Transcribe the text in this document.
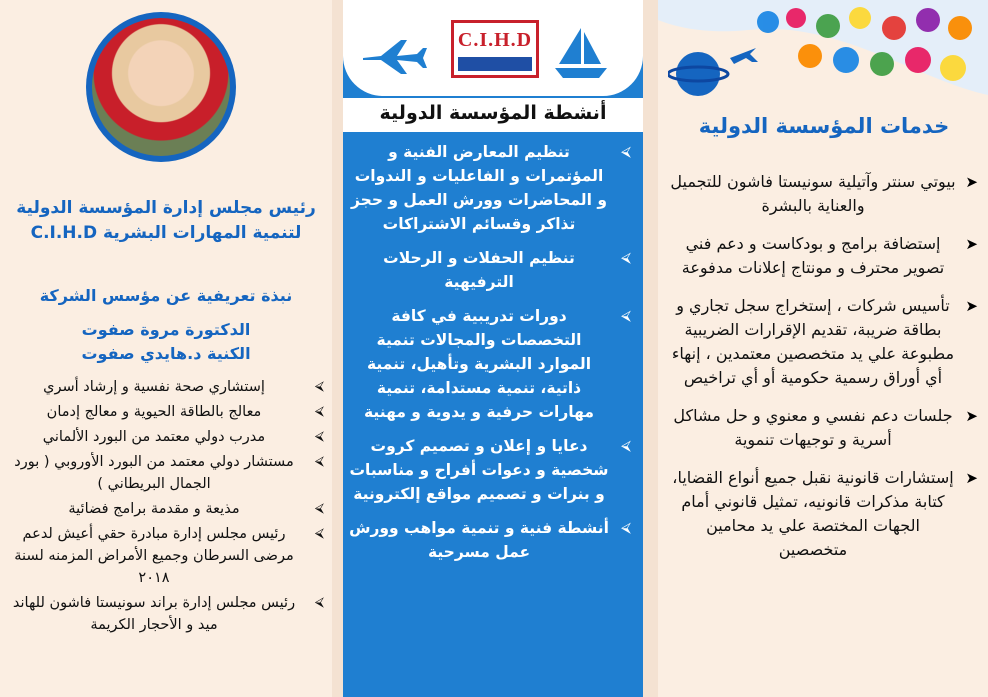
خدمات المؤسسة الدولية
➤
بيوتي سنتر وآتيلية سونيستا فاشون للتجميل والعناية بالبشرة
➤
إستضافة برامج و بودكاست و دعم فني تصوير محترف و مونتاج إعلانات مدفوعة
➤
تأسيس شركات ، إستخراج سجل تجاري و بطاقة ضريبة، تقديم الإقرارات الضريبية مطبوعة علي يد متخصصين معتمدين ، إنهاء أي أوراق رسمية حكومية أو أي تراخيص
➤
جلسات دعم نفسي و معنوي و حل مشاكل أسرية و توجيهات تنموية
➤
إستشارات قانونية نقبل جميع أنواع القضايا، كتابة مذكرات قانونيه، تمثيل قانوني أمام الجهات المختصة علي يد محامين متخصصين
C.I.H.D
أنشطة المؤسسة الدولية
⮘
تنظيم المعارض الفنية و المؤتمرات و الفاعليات و الندوات و المحاضرات وورش العمل و حجز تذاكر وقسائم الاشتراكات
⮘
تنظيم الحفلات و الرحلات الترفيهية
⮘
دورات تدريبية في كافة التخصصات والمجالات تنمية الموارد البشرية وتأهيل، تنمية ذاتية، تنمية مستدامة، تنمية مهارات حرفية و يدوية و مهنية
⮘
دعايا و إعلان و تصميم كروت شخصية و دعوات أفراح و مناسبات و بنرات و تصميم مواقع إلكترونية
⮘
أنشطة فنية و تنمية مواهب وورش عمل مسرحية
رئيس مجلس إدارة المؤسسة الدولية لتنمية المهارات البشرية C.I.H.D
نبذة تعريفية عن مؤسس الشركة
الدكتورة مروة صفوت
الكنية د.هايدي صفوت
⮘
إستشاري صحة نفسية و إرشاد أسري
⮘
معالج بالطاقة الحيوية و معالج إدمان
⮘
مدرب دولي معتمد من البورد الألماني
⮘
مستشار دولي معتمد من البورد الأوروبي ( بورد الجمال البريطاني )
⮘
مذيعة و مقدمة برامج فضائية
⮘
رئيس مجلس إدارة مبادرة حقي أعيش لدعم مرضى السرطان وجميع الأمراض المزمنه لسنة ٢٠١٨
⮘
رئيس مجلس إدارة براند سونيستا فاشون للهاند ميد و الأحجار الكريمة
